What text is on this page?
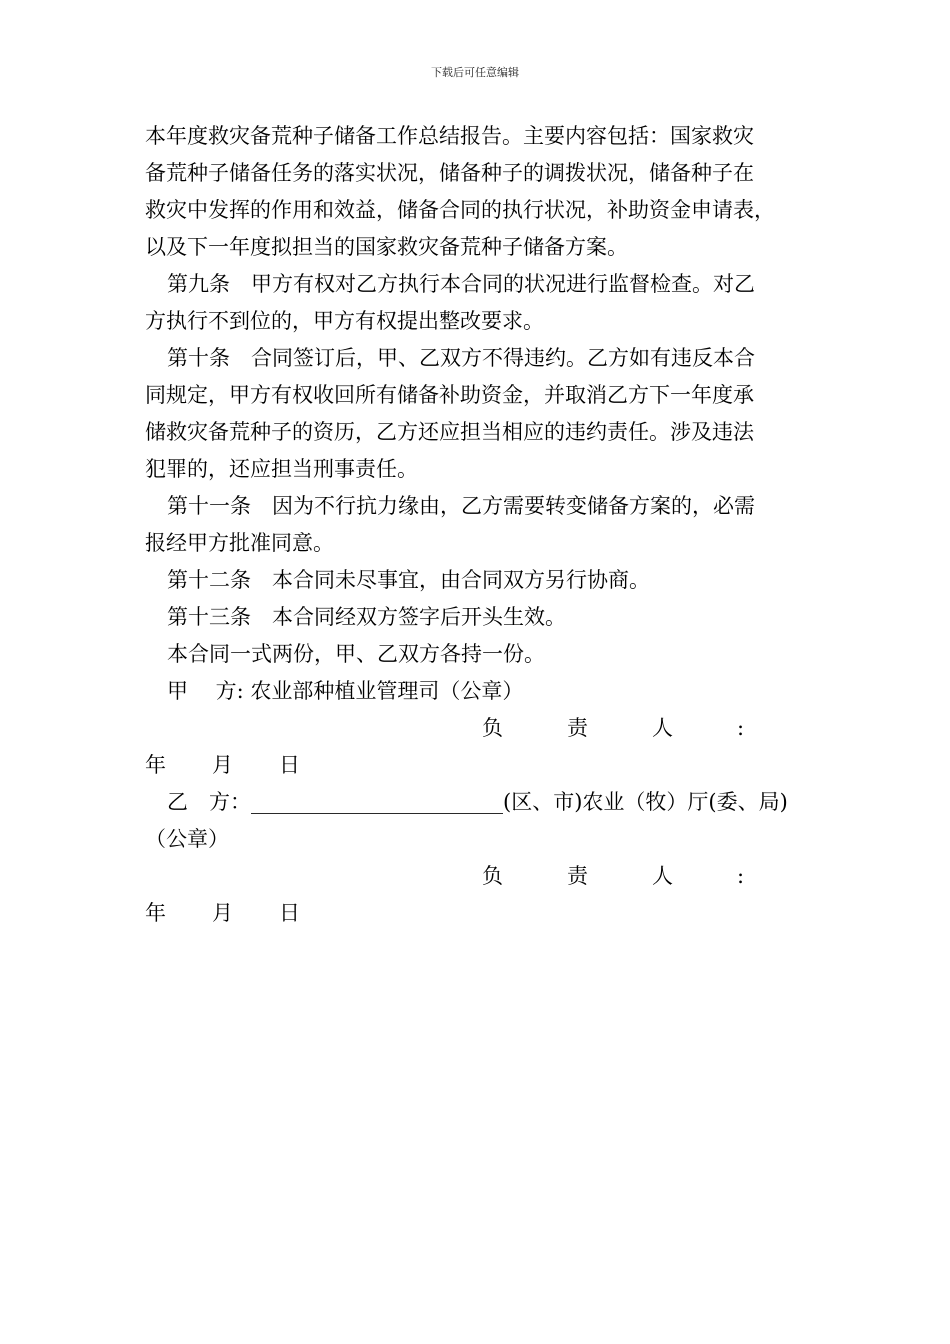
下载后可任意编辑

本年度救灾备荒种子储备工作总结报告。主要内容包括：国家救灾

备荒种子储备任务的落实状况，储备种子的调拨状况，储备种子在

救灾中发挥的作用和效益，储备合同的执行状况，补助资金申请表，

以及下一年度拟担当的国家救灾备荒种子储备方案。

第九条　甲方有权对乙方执行本合同的状况进行监督检查。对乙

方执行不到位的，甲方有权提出整改要求。

第十条　合同签订后，甲、乙双方不得违约。乙方如有违反本合

同规定，甲方有权收回所有储备补助资金，并取消乙方下一年度承

储救灾备荒种子的资历，乙方还应担当相应的违约责任。涉及违法

犯罪的，还应担当刑事责任。

第十一条　因为不行抗力缘由，乙方需要转变储备方案的，必需

报经甲方批准同意。

第十二条　本合同未尽事宜，由合同双方另行协商。

第十三条　本合同经双方签字后开头生效。

本合同一式两份，甲、乙双方各持一份。

甲　 方: 农业部种植业管理司（公章）

负	责	人	:
年 月 日

乙　方：________________________(区、市)农业（牧）厅(委、局)

（公章）

负	责	人	:
年 月 日
